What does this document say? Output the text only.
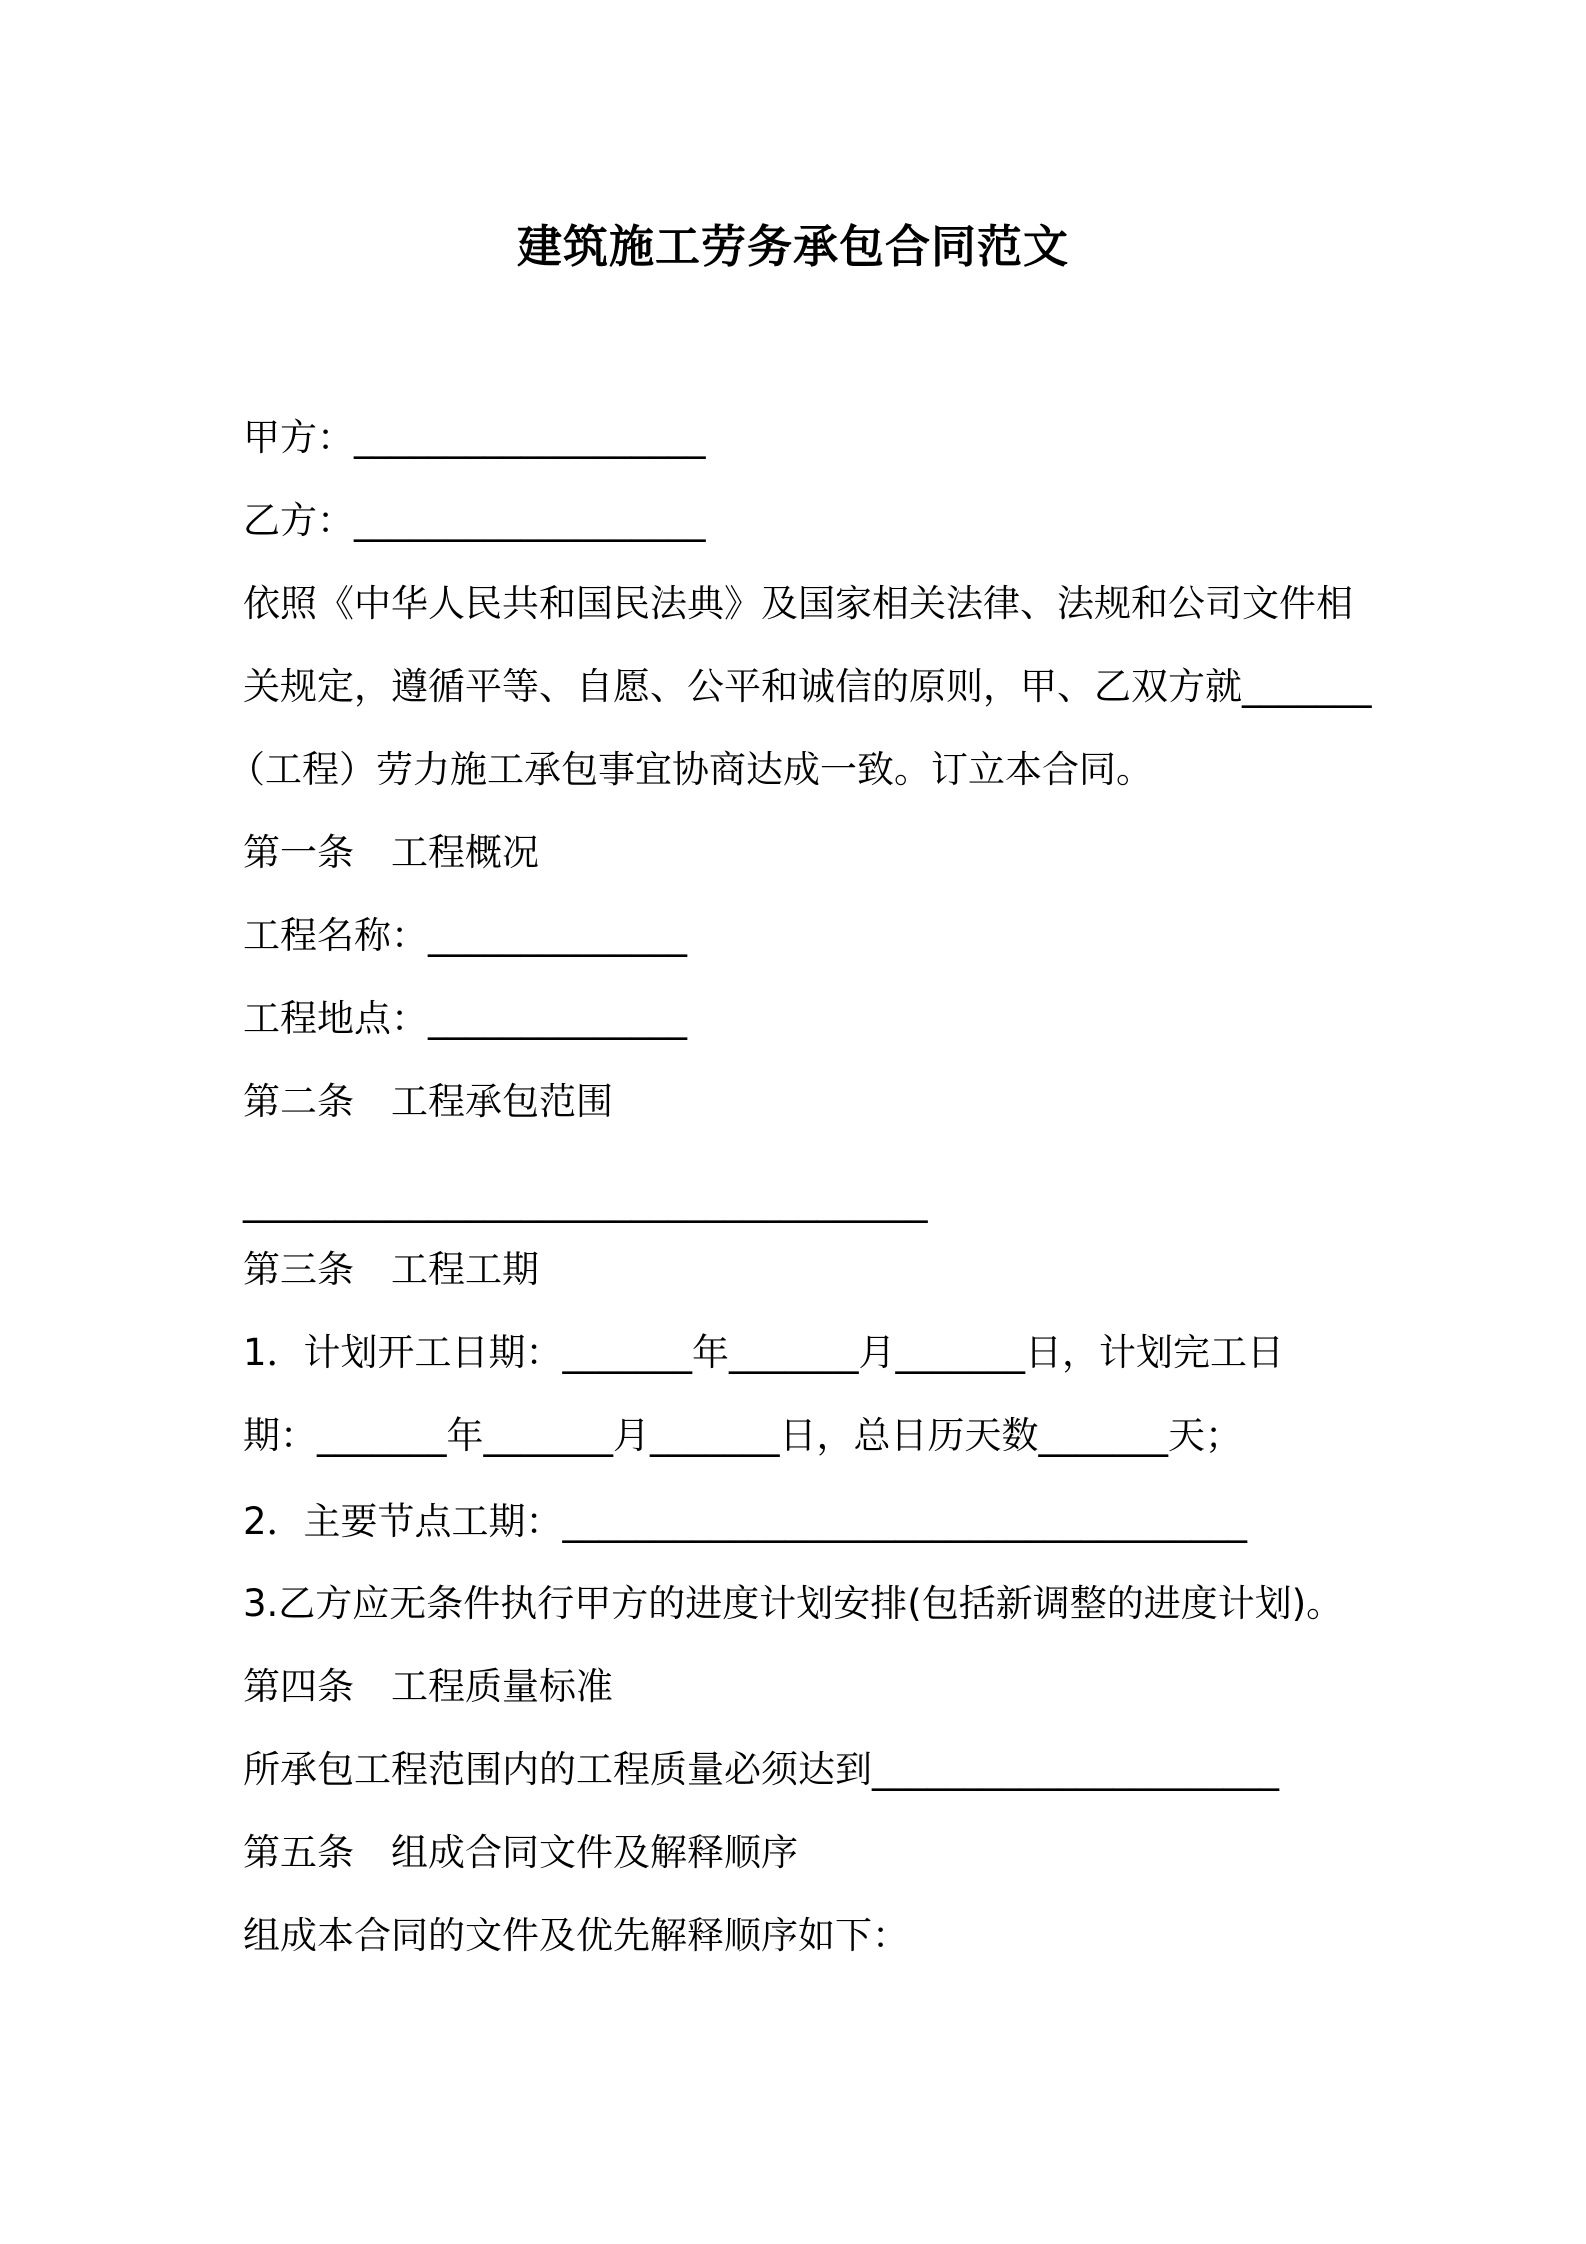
建筑施工劳务承包合同范文
甲方：___________________
乙方：___________________
依照《中华人民共和国民法典》及国家相关法律、法规和公司文件相
关规定，遵循平等、自愿、公平和诚信的原则，甲、乙双方就_______
（工程）劳力施工承包事宜协商达成一致。订立本合同。
第一条　工程概况
工程名称：______________
工程地点：______________
第二条　工程承包范围
_____________________________________
第三条　工程工期
1．计划开工日期：_______年_______月_______日，计划完工日
期：_______年_______月_______日，总日历天数_______天；
2．主要节点工期：_____________________________________
3.乙方应无条件执行甲方的进度计划安排(包括新调整的进度计划)。
第四条　工程质量标准
所承包工程范围内的工程质量必须达到______________________
第五条　组成合同文件及解释顺序
组成本合同的文件及优先解释顺序如下：
